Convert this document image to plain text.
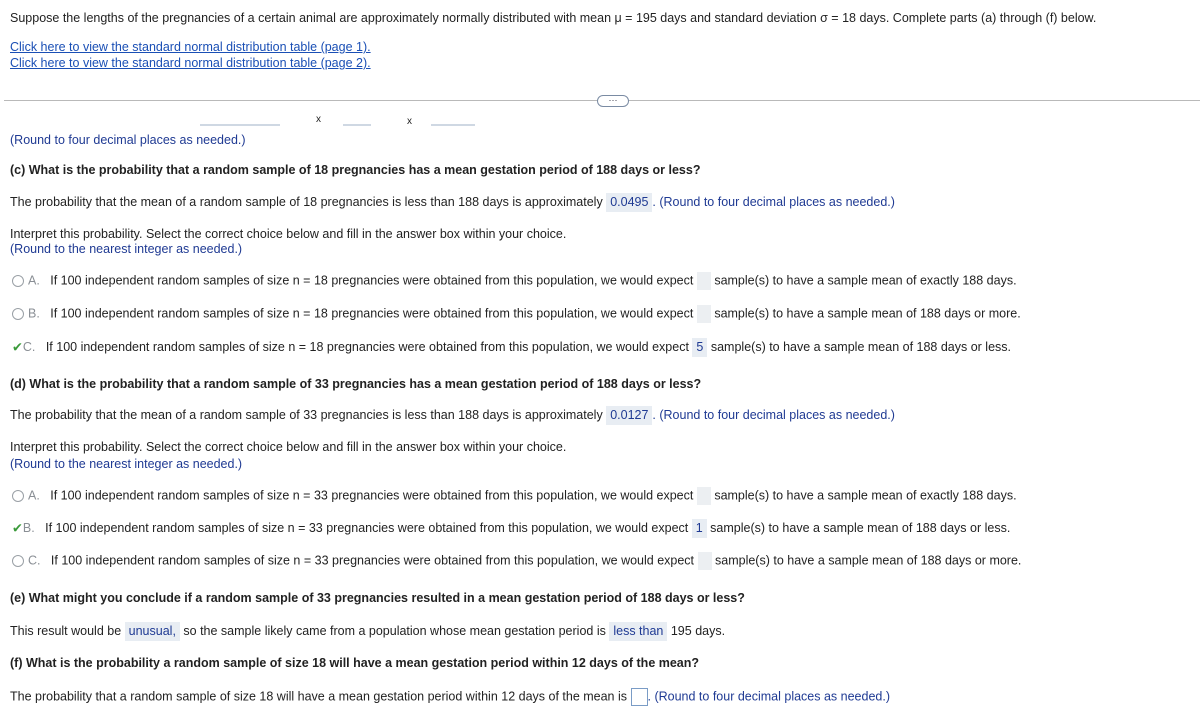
Suppose the lengths of the pregnancies of a certain animal are approximately normally distributed with mean μ = 195 days and standard deviation σ = 18 days. Complete parts (a) through (f) below.
Click here to view the standard normal distribution table (page 1).
Click here to view the standard normal distribution table (page 2).
···
x	x
(Round to four decimal places as needed.)
(c) What is the probability that a random sample of 18 pregnancies has a mean gestation period of 188 days or less?
The probability that the mean of a random sample of 18 pregnancies is less than 188 days is approximately 0.0495 . (Round to four decimal places as needed.)
Interpret this probability. Select the correct choice below and fill in the answer box within your choice.
(Round to the nearest integer as needed.)
A. If 100 independent random samples of size n = 18 pregnancies were obtained from this population, we would expect sample(s) to have a sample mean of exactly 188 days.
B. If 100 independent random samples of size n = 18 pregnancies were obtained from this population, we would expect sample(s) to have a sample mean of 188 days or more.
✔C. If 100 independent random samples of size n = 18 pregnancies were obtained from this population, we would expect 5 sample(s) to have a sample mean of 188 days or less.
(d) What is the probability that a random sample of 33 pregnancies has a mean gestation period of 188 days or less?
The probability that the mean of a random sample of 33 pregnancies is less than 188 days is approximately 0.0127 . (Round to four decimal places as needed.)
Interpret this probability. Select the correct choice below and fill in the answer box within your choice.
(Round to the nearest integer as needed.)
A. If 100 independent random samples of size n = 33 pregnancies were obtained from this population, we would expect sample(s) to have a sample mean of exactly 188 days.
✔B. If 100 independent random samples of size n = 33 pregnancies were obtained from this population, we would expect 1 sample(s) to have a sample mean of 188 days or less.
C. If 100 independent random samples of size n = 33 pregnancies were obtained from this population, we would expect sample(s) to have a sample mean of 188 days or more.
(e) What might you conclude if a random sample of 33 pregnancies resulted in a mean gestation period of 188 days or less?
This result would be unusual, so the sample likely came from a population whose mean gestation period is less than 195 days.
(f) What is the probability a random sample of size 18 will have a mean gestation period within 12 days of the mean?
The probability that a random sample of size 18 will have a mean gestation period within 12 days of the mean is . (Round to four decimal places as needed.)
